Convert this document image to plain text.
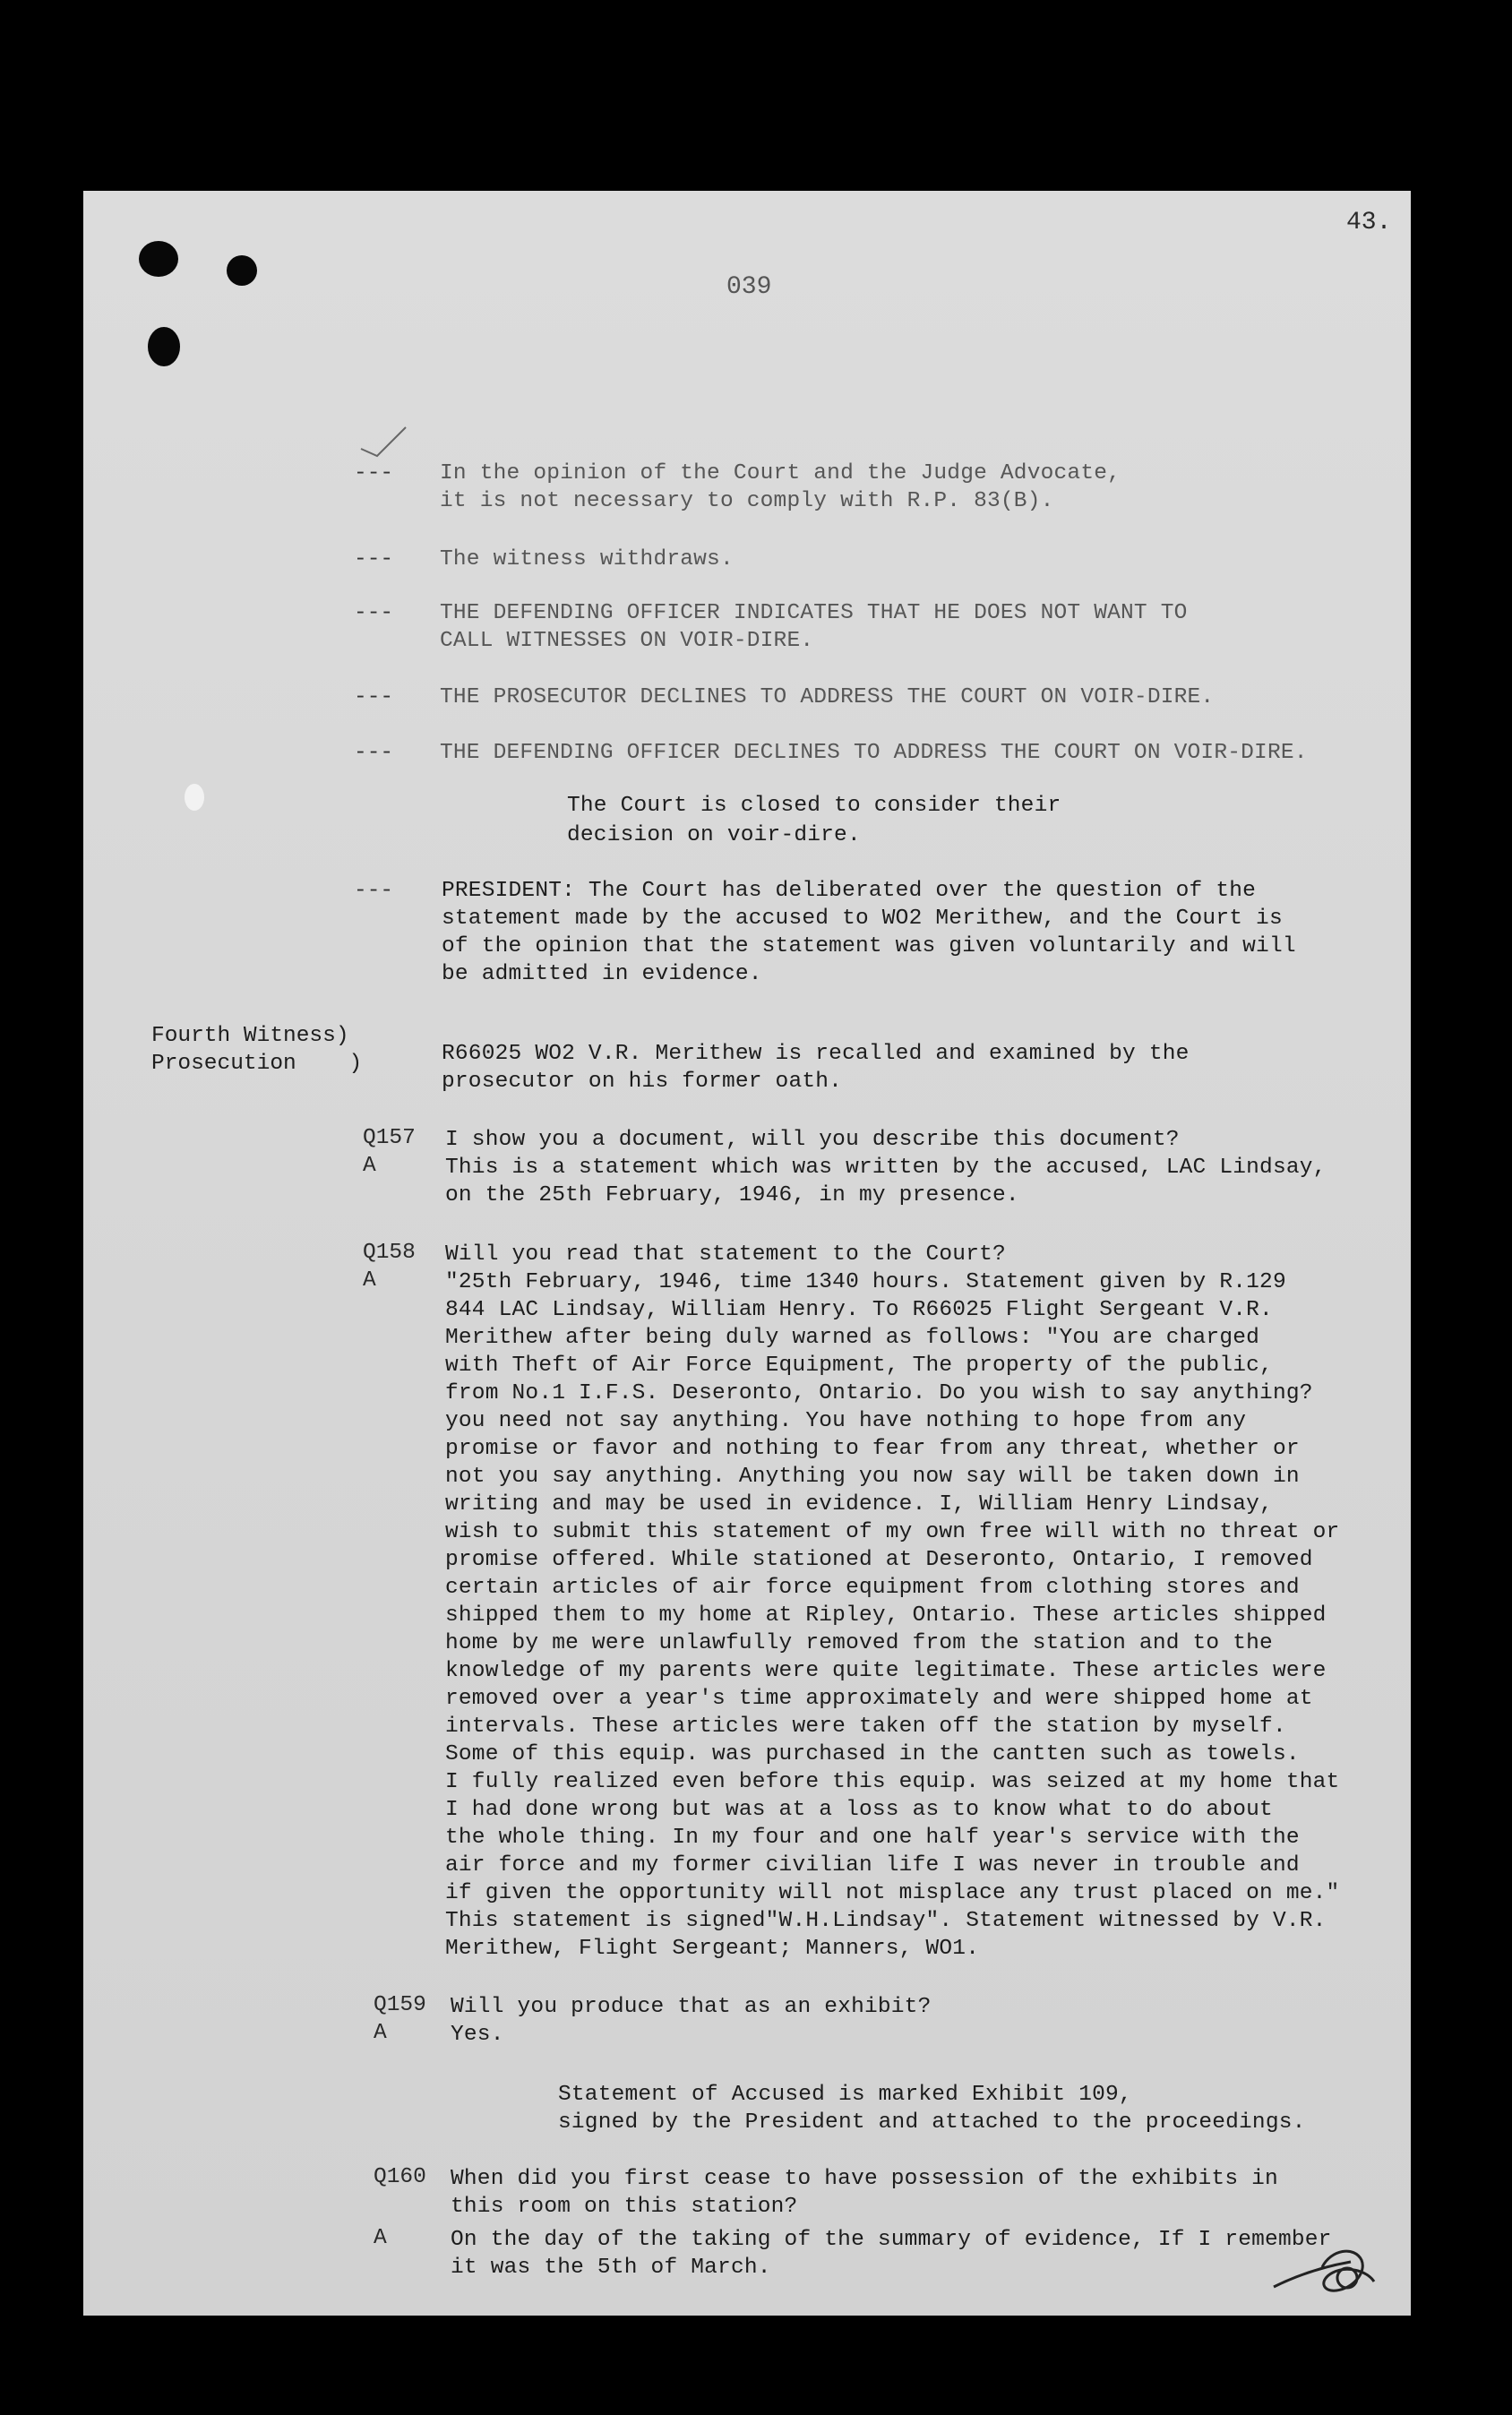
43.
039
--- In the opinion of the Court and the Judge Advocate,
it is not necessary to comply with R.P. 83(B).
--- The witness withdraws.
--- THE DEFENDING OFFICER INDICATES THAT HE DOES NOT WANT TO
CALL WITNESSES ON VOIR-DIRE.
--- THE PROSECUTOR DECLINES TO ADDRESS THE COURT ON VOIR-DIRE.
--- THE DEFENDING OFFICER DECLINES TO ADDRESS THE COURT ON VOIR-DIRE.
The Court is closed to consider their
decision on voir-dire.
--- PRESIDENT: The Court has deliberated over the question of the
statement made by the accused to WO2 Merithew, and the Court is
of the opinion that the statement was given voluntarily and will
be admitted in evidence.
Fourth Witness)
Prosecution    )	R66025 WO2 V.R. Merithew is recalled and examined by the
prosecutor on his former oath.
Q157
A
I show you a document, will you describe this document?
This is a statement which was written by the accused, LAC Lindsay,
on the 25th February, 1946, in my presence.
Q158
A
Will you read that statement to the Court?
Q159
A
Will you produce that as an exhibit?
Yes.
Statement of Accused is marked Exhibit 109,
signed by the President and attached to the proceedings.
Q160 When did you first cease to have possession of the exhibits in
this room on this station?
A	On the day of the taking of the summary of evidence, If I remember
it was the 5th of March.
"25th February, 1946, time 1340 hours. Statement given by R.129
844 LAC Lindsay, William Henry. To R66025 Flight Sergeant V.R.
Merithew after being duly warned as follows: "You are charged
with Theft of Air Force Equipment, The property of the public,
from No.1 I.F.S. Deseronto, Ontario. Do you wish to say anything?
you need not say anything. You have nothing to hope from any
promise or favor and nothing to fear from any threat, whether or
not you say anything. Anything you now say will be taken down in
writing and may be used in evidence. I, William Henry Lindsay,
wish to submit this statement of my own free will with no threat or
promise offered. While stationed at Deseronto, Ontario, I removed
certain articles of air force equipment from clothing stores and
shipped them to my home at Ripley, Ontario. These articles shipped
home by me were unlawfully removed from the station and to the
knowledge of my parents were quite legitimate. These articles were
removed over a year's time approximately and were shipped home at
intervals. These articles were taken off the station by myself.
Some of this equip. was purchased in the cantten such as towels.
I fully realized even before this equip. was seized at my home that
I had done wrong but was at a loss as to know what to do about
the whole thing. In my four and one half year's service with the
air force and my former civilian life I was never in trouble and
if given the opportunity will not misplace any trust placed on me."
This statement is signed"W.H.Lindsay". Statement witnessed by V.R.
Merithew, Flight Sergeant; Manners, WO1.
